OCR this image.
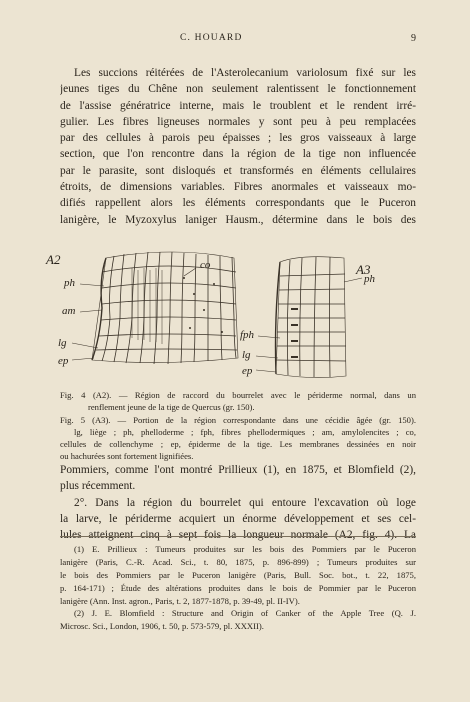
C. HOUARD	9
Les succions réitérées de l'Asterolecanium variolosum fixé sur les
jeunes tiges du Chêne non seulement ralentissent le fonctionnement
de l'assise génératrice interne, mais le troublent et le rendent irré-
gulier. Les fibres ligneuses normales y sont peu à peu remplacées
par des cellules à parois peu épaisses ; les gros vaisseaux à large
section, que l'on rencontre dans la région de la tige non influencée
par le parasite, sont disloqués et transformés en éléments cellulaires
étroits, de dimensions variables. Fibres anormales et vaisseaux mo-
difiés rappellent alors les éléments correspondants que le Puceron
lanigère, le Myzoxylus laniger Hausm., détermine dans le bois des
A2
ph
am
co
lg
ep
A3
ph
fph
lg
ep
Fig. 4 (A2). — Région de raccord du bourrelet avec le périderme normal, dans un
renflement jeune de la tige de Quercus (gr. 150).
Fig. 5 (A3). — Portion de la région correspondante dans une cécidie âgée (gr. 150).
lg, liège ; ph, phelloderme ; fph, fibres phellodermiques ; am, amylolencites ; co,
cellules de collenchyme ; ep, épiderme de la tige. Les membranes dessinées en noir
ou hachurées sont fortement lignifiées.
Pommiers, comme l'ont montré Prillieux (1), en 1875, et Blomfield (2),
plus récemment.
2°. Dans la région du bourrelet qui entoure l'excavation où loge
la larve, le périderme acquiert un énorme développement et ses cel-
(1) E. Prillieux : Tumeurs produites sur les bois des Pommiers par le Puceron
lanigère (Paris, C.-R. Acad. Sci., t. 80, 1875, p. 896-899) ; Tumeurs produites sur
le bois des Pommiers par le Puceron lanigère (Paris, Bull. Soc. bot., t. 22, 1875,
p. 164-171) ; Étude des altérations produites dans le bois de Pommier par le Puceron
lanigère (Ann. Inst. agron., Paris, t. 2, 1877-1878, p. 39-49, pl. II-IV).
(2) J. E. Blomfield : Structure and Origin of Canker of the Apple Tree (Q. J.
Microsc. Sci., London, 1906, t. 50, p. 573-579, pl. XXXII).
